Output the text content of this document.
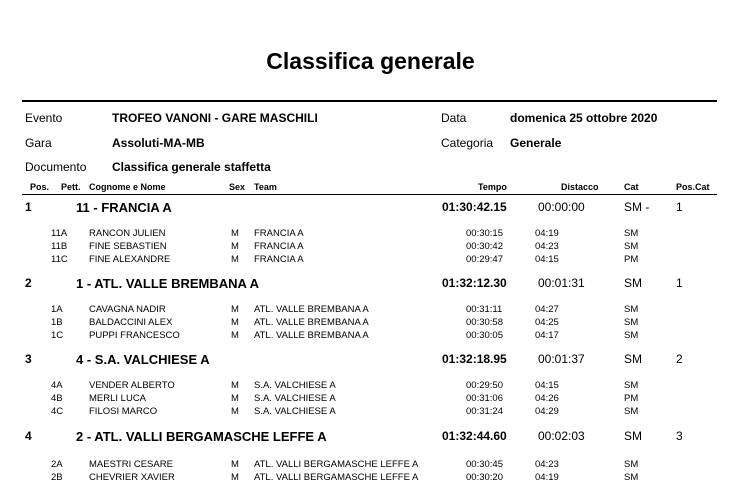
Classifica generale
Evento	TROFEO VANONI - GARE MASCHILI	Data	domenica 25 ottobre 2020
Gara	Assoluti-MA-MB	Categoria Generale
Documento Classifica generale staffetta
Pos. Pett. Cognome e Nome	Sex Team	Tempo	Distacco	Cat	Pos.Cat
1	11 - FRANCIA A	01:30:42.15	00:00:00	SM - 1
11A RANCON JULIEN	M FRANCIA A	00:30:15	04:19	SM
11B FINE SEBASTIEN	M FRANCIA A	00:30:42	04:23	SM
11C FINE ALEXANDRE	M FRANCIA A	00:29:47	04:15	PM
2	1 - ATL. VALLE BREMBANA A	01:32:12.30	00:01:31	SM	1
1A	CAVAGNA NADIR	M ATL. VALLE BREMBANA A	00:31:11	04:27	SM
1B	BALDACCINI ALEX	M ATL. VALLE BREMBANA A	00:30:58	04:25	SM
1C	PUPPI FRANCESCO	M ATL. VALLE BREMBANA A	00:30:05	04:17	SM
3	4 - S.A. VALCHIESE A	01:32:18.95	00:01:37	SM	2
4A	VENDER ALBERTO	M S.A. VALCHIESE A	00:29:50	04:15	SM
4B	MERLI LUCA	M S.A. VALCHIESE A	00:31:06	04:26	PM
4C	FILOSI MARCO	M S.A. VALCHIESE A	00:31:24	04:29	SM
4	2 - ATL. VALLI BERGAMASCHE LEFFE A	01:32:44.60	00:02:03	SM	3
2A	MAESTRI CESARE	M ATL. VALLI BERGAMASCHE LEFFE A	00:30:45	04:23	SM
2B	CHEVRIER XAVIER	M ATL. VALLI BERGAMASCHE LEFFE A	00:30:20	04:19	SM
